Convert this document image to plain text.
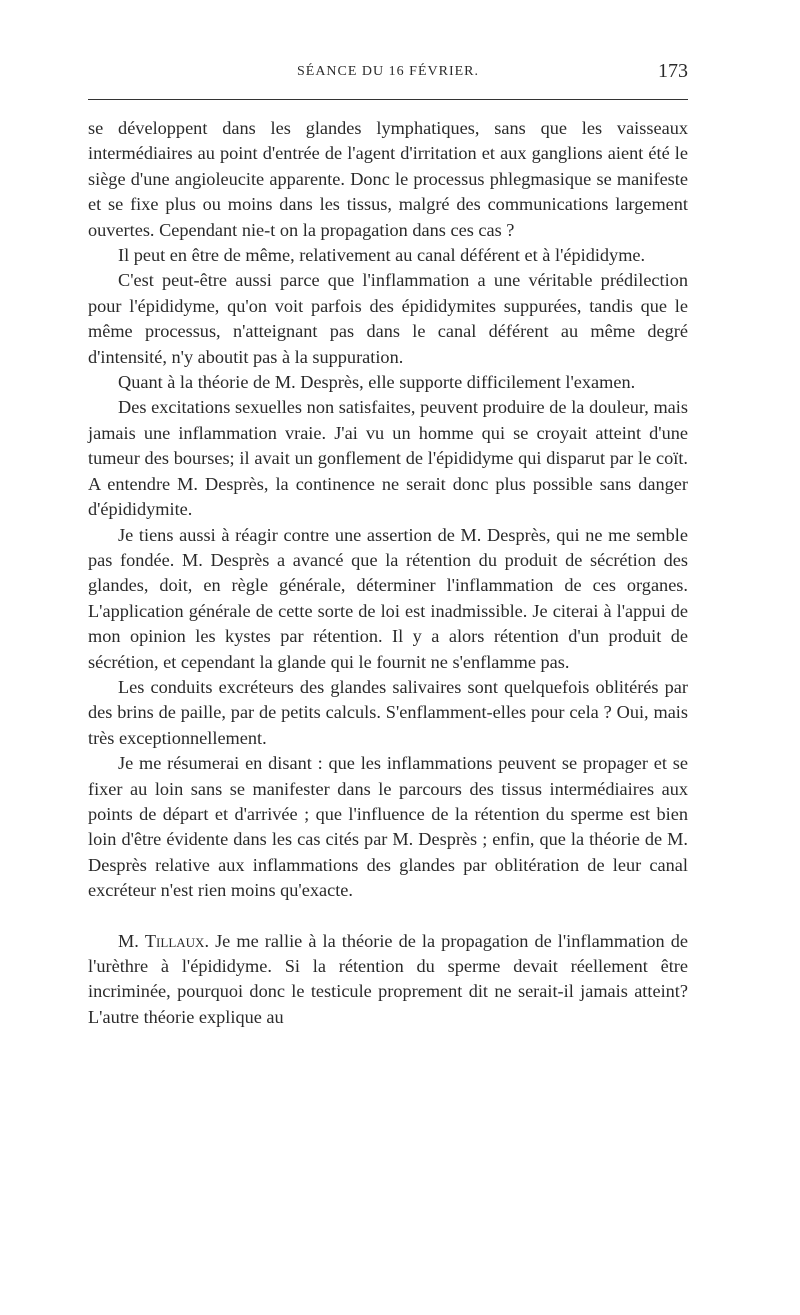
SÉANCE DU 16 FÉVRIER.	173

se développent dans les glandes lymphatiques, sans que les vaisseaux intermédiaires au point d'entrée de l'agent d'irritation et aux ganglions aient été le siège d'une angioleucite apparente. Donc le processus phlegmasique se manifeste et se fixe plus ou moins dans les tissus, malgré des communications largement ouvertes. Cependant nie-t on la propagation dans ces cas ?

Il peut en être de même, relativement au canal déférent et à l'épididyme.

C'est peut-être aussi parce que l'inflammation a une véritable prédilection pour l'épididyme, qu'on voit parfois des épididymites suppurées, tandis que le même processus, n'atteignant pas dans le canal déférent au même degré d'intensité, n'y aboutit pas à la suppuration.

Quant à la théorie de M. Desprès, elle supporte difficilement l'examen.

Des excitations sexuelles non satisfaites, peuvent produire de la douleur, mais jamais une inflammation vraie. J'ai vu un homme qui se croyait atteint d'une tumeur des bourses; il avait un gonflement de l'épididyme qui disparut par le coït. A entendre M. Desprès, la continence ne serait donc plus possible sans danger d'épididymite.

Je tiens aussi à réagir contre une assertion de M. Desprès, qui ne me semble pas fondée. M. Desprès a avancé que la rétention du produit de sécrétion des glandes, doit, en règle générale, déterminer l'inflammation de ces organes. L'application générale de cette sorte de loi est inadmissible. Je citerai à l'appui de mon opinion les kystes par rétention. Il y a alors rétention d'un produit de sécrétion, et cependant la glande qui le fournit ne s'enflamme pas.

Les conduits excréteurs des glandes salivaires sont quelquefois oblitérés par des brins de paille, par de petits calculs. S'enflamment-elles pour cela ? Oui, mais très exceptionnellement.

Je me résumerai en disant : que les inflammations peuvent se propager et se fixer au loin sans se manifester dans le parcours des tissus intermédiaires aux points de départ et d'arrivée ; que l'influence de la rétention du sperme est bien loin d'être évidente dans les cas cités par M. Desprès ; enfin, que la théorie de M. Desprès relative aux inflammations des glandes par oblitération de leur canal excréteur n'est rien moins qu'exacte.

M. Tillaux. Je me rallie à la théorie de la propagation de l'inflammation de l'urèthre à l'épididyme. Si la rétention du sperme devait réellement être incriminée, pourquoi donc le testicule proprement dit ne serait-il jamais atteint? L'autre théorie explique au
